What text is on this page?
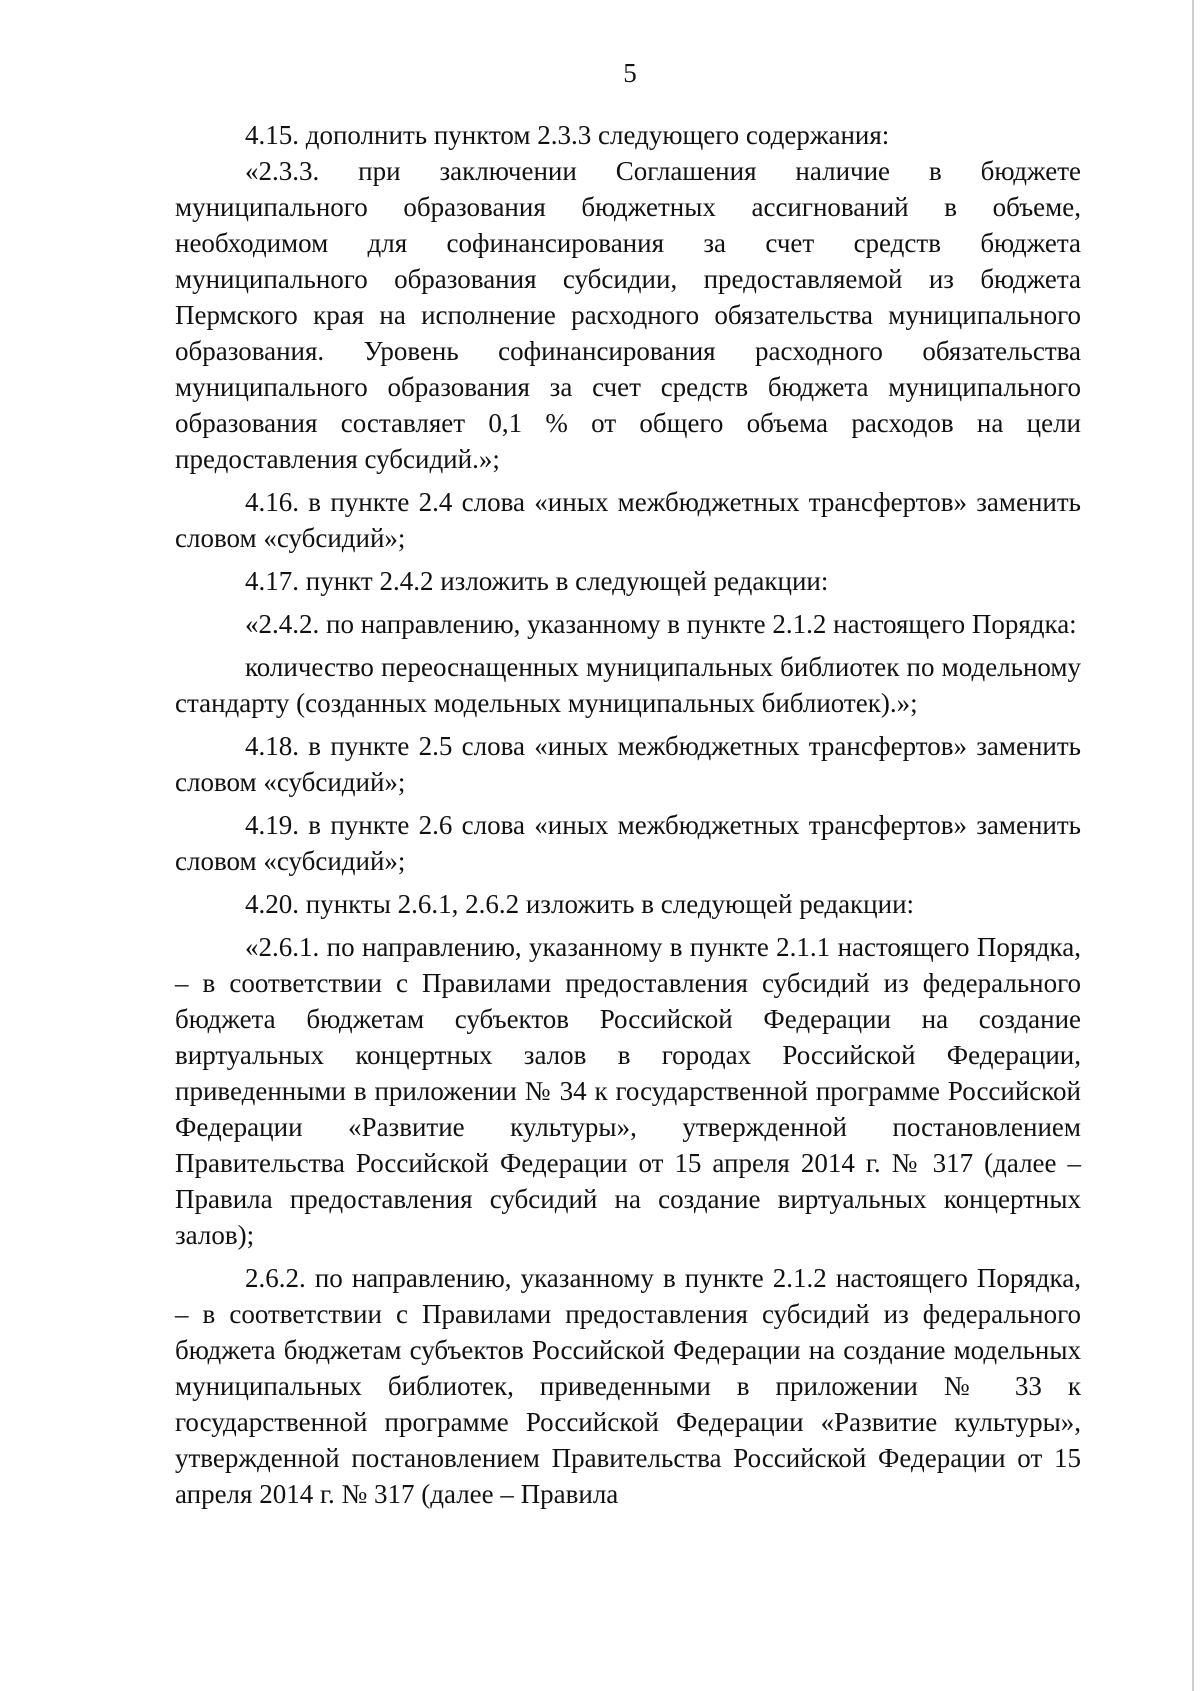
5

4.15. дополнить пунктом 2.3.3 следующего содержания:

«2.3.3. при заключении Соглашения наличие в бюджете муниципального образования бюджетных ассигнований в объеме, необходимом для софинансирования за счет средств бюджета муниципального образования субсидии, предоставляемой из бюджета Пермского края на исполнение расходного обязательства муниципального образования. Уровень софинансирования расходного обязательства муниципального образования за счет средств бюджета муниципального образования составляет 0,1 % от общего объема расходов на цели предоставления субсидий.»;

4.16. в пункте 2.4 слова «иных межбюджетных трансфертов» заменить словом «субсидий»;

4.17. пункт 2.4.2 изложить в следующей редакции:

«2.4.2. по направлению, указанному в пункте 2.1.2 настоящего Порядка:

количество переоснащенных муниципальных библиотек по модельному стандарту (созданных модельных муниципальных библиотек).»;

4.18. в пункте 2.5 слова «иных межбюджетных трансфертов» заменить словом «субсидий»;

4.19. в пункте 2.6 слова «иных межбюджетных трансфертов» заменить словом «субсидий»;

4.20. пункты 2.6.1, 2.6.2 изложить в следующей редакции:

«2.6.1. по направлению, указанному в пункте 2.1.1 настоящего Порядка, – в соответствии с Правилами предоставления субсидий из федерального бюджета бюджетам субъектов Российской Федерации на создание виртуальных концертных залов в городах Российской Федерации, приведенными в приложении № 34 к государственной программе Российской Федерации «Развитие культуры», утвержденной постановлением Правительства Российской Федерации от 15 апреля 2014 г. № 317 (далее – Правила предоставления субсидий на создание виртуальных концертных залов);

2.6.2. по направлению, указанному в пункте 2.1.2 настоящего Порядка, – в соответствии с Правилами предоставления субсидий из федерального бюджета бюджетам субъектов Российской Федерации на создание модельных муниципальных библиотек, приведенными в приложении № 33 к государственной программе Российской Федерации «Развитие культуры», утвержденной постановлением Правительства Российской Федерации от 15 апреля 2014 г. № 317 (далее – Правила
